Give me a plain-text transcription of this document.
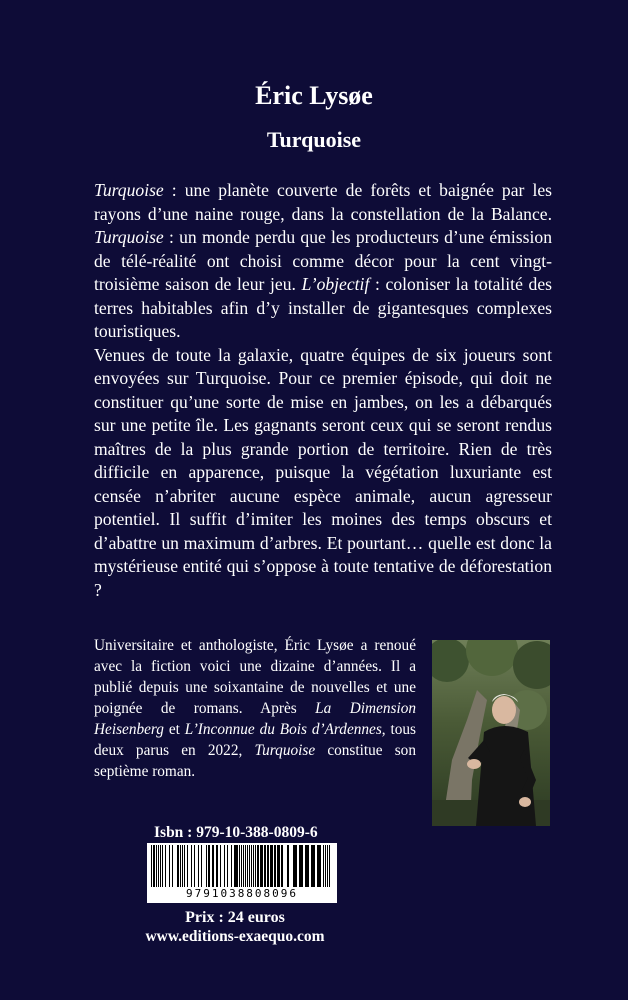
Éric Lysøe
Turquoise

Turquoise : une planète couverte de forêts et baignée par les rayons d’une naine rouge, dans la constellation de la Balance. Turquoise : un monde perdu que les producteurs d’une émission de télé-réalité ont choisi comme décor pour la cent vingt-troisième saison de leur jeu. L’objectif : coloniser la totalité des terres habitables afin d’y installer de gigantesques complexes touristiques.

Venues de toute la galaxie, quatre équipes de six joueurs sont envoyées sur Turquoise. Pour ce premier épisode, qui doit ne constituer qu’une sorte de mise en jambes, on les a débarqués sur une petite île. Les gagnants seront ceux qui se seront rendus maîtres de la plus grande portion de territoire. Rien de très difficile en apparence, puisque la végétation luxuriante est censée n’abriter aucune espèce animale, aucun agresseur potentiel. Il suffit d’imiter les moines des temps obscurs et d’abattre un maximum d’arbres. Et pourtant… quelle est donc la mystérieuse entité qui s’oppose à toute tentative de déforestation ?

Universitaire et anthologiste, Éric Lysøe a renoué avec la fiction voici une dizaine d’années. Il a publié depuis une soixantaine de nouvelles et une poignée de romans. Après La Dimension Heisenberg et L’Inconnue du Bois d’Ardennes, tous deux parus en 2022, Turquoise constitue son septième roman.
Isbn : 979-10-388-0809-6
9791038808096
Prix : 24 euros
www.editions-exaequo.com
